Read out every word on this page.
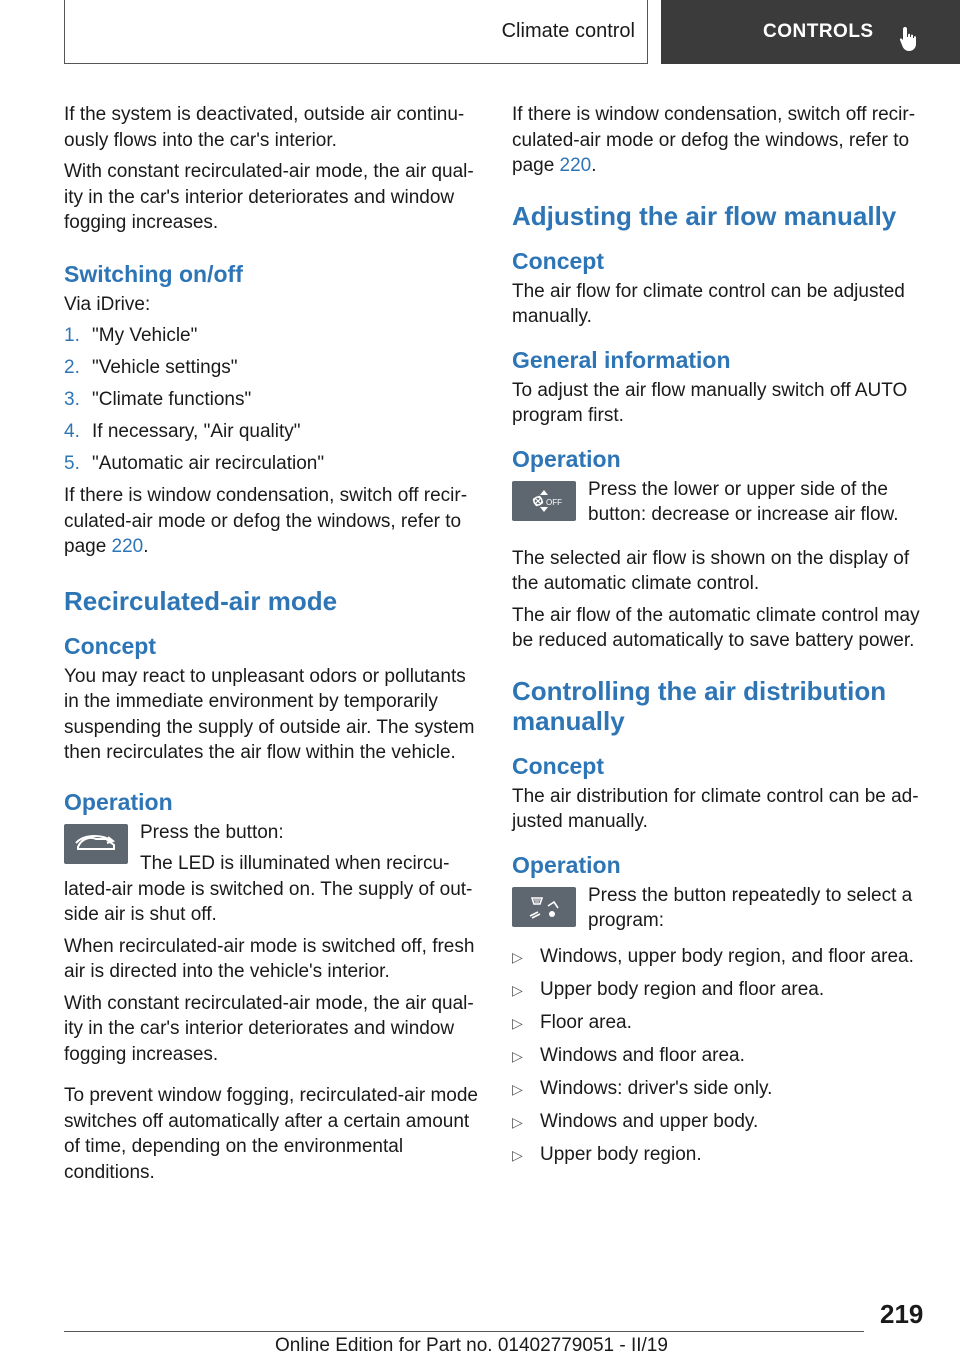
Climate control	CONTROLS

If the system is deactivated, outside air continu-ously flows into the car's interior.

With constant recirculated-air mode, the air qual-ity in the car's interior deteriorates and window fogging increases.

Switching on/off

Via iDrive:

1. "My Vehicle"
2. "Vehicle settings"
3. "Climate functions"
4. If necessary, "Air quality"
5. "Automatic air recirculation"

If there is window condensation, switch off recir-culated-air mode or defog the windows, refer to page 220.

Recirculated-air mode
Concept

You may react to unpleasant odors or pollutants in the immediate environment by temporarily suspending the supply of outside air. The system then recirculates the air flow within the vehicle.

Operation

Press the button:

The LED is illuminated when recircu-lated-air mode is switched on. The supply of out-side air is shut off.

When recirculated-air mode is switched off, fresh air is directed into the vehicle's interior.

With constant recirculated-air mode, the air qual-ity in the car's interior deteriorates and window fogging increases.

To prevent window fogging, recirculated-air mode switches off automatically after a certain amount of time, depending on the environmental conditions.

If there is window condensation, switch off recir-culated-air mode or defog the windows, refer to page 220.

Adjusting the air flow manually
Concept

The air flow for climate control can be adjusted manually.

General information

To adjust the air flow manually switch off AUTO program first.

Operation
OFF

Press the lower or upper side of the button: decrease or increase air flow.

The selected air flow is shown on the display of the automatic climate control.

The air flow of the automatic climate control may be reduced automatically to save battery power.

Controlling the air distribution manually
Concept

The air distribution for climate control can be ad-justed manually.

Operation

Press the button repeatedly to select a program:

▷ Windows, upper body region, and floor area.
▷ Upper body region and floor area.
▷ Floor area.
▷ Windows and floor area.
▷ Windows: driver's side only.
▷ Windows and upper body.
▷ Upper body region.
219
Online Edition for Part no. 01402779051 - II/19
